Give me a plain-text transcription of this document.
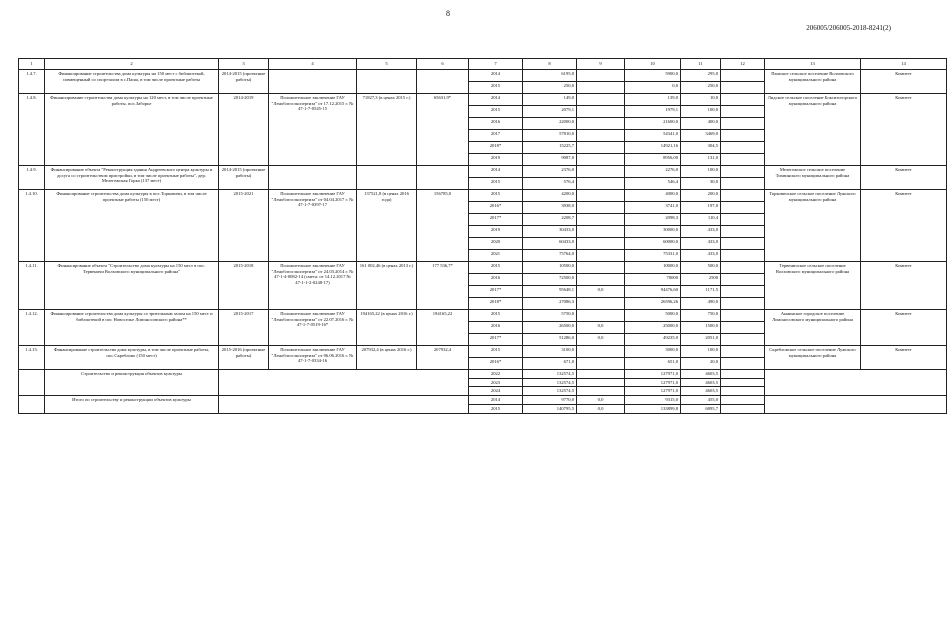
8
206005/206005-2018-8241(2)
1	2	3	4	5	6	7	8	9	10	11	12	13	14
1.4.7.	Финансирование строительства дома культуры на 150 мест с библиотекой, совмещенный со спортзалом в с.Паша, в том числе проектные работы	2014-2015 (проектные работы)				2014	6195,0		5900,0	295,0		Пашское сельское поселение Волховского муниципального района	Комитет
						2015	250,0		0,0	250,0			
1.4.8.	Финансирование строительства дома культуры на 120 мест, в том числе проектные работы, пос.Заборье	2014-2019	Положительное заключение ГАУ "Леноблгосэкспертиза" от 17.12.2015 г. № 47-1-7-0545-15	71827,3 (в ценах 2015 г.)	65631,9*	2014	149,0		139,0	10,0		Лидское сельское поселение Бокситогорского муниципального района	Комитет
						2015	2079,1		1979,1	100,0			
						2016	22000,0		21600,0	400,0			
						2017	57810,0		54341,0	3469,0			
						2018*	15225,7		14921,16	304,5			
						2019	9087,0		8956,00	131,0			
1.4.9.	Финансирование объекта "Реконструкция здания Андреевского центра культуры и досуга со строительством пристройки, в том числе проектные работы", дер. Мелегежская Горка (137 мест)	2014-2015 (проектные работы)				2014	2376,0		2276,0	100,0		Мелегежское сельское поселение Тихвинского муниципального района	Комитет
						2015	576,4		546,4	30,0			
1.4.10.	Финансирование строительства дома культуры в пос.Торковичи, в том числе проектные работы (150 мест)	2015-2021	Положительное заключение ГАУ "Леноблгосэкспертиза" от 04.04.2017 г. № 47-1-7-0397-17	137521,8 (в ценах 2016 года)	156785,0	2015	4200,0		4000,0	200,0		Торковичское сельское поселение Лужского муниципального района	Комитет
						2016*	3938,0		3741,0	197,0			
						2017*	2208,7		2098,3	110,4			
						2019	30433,0		30000,0	433,0			
						2020	60433,0		60000,0	433,0			
						2021	75764,0		75331,0	433,0			
1.4.11.	Финансирование объекта "Строительство дома культуры на 150 мест в пос. Тервеничи Волховского муниципального района"	2015-2018	Положительное заключение ГАУ "Леноблгосэкспертиза" от 24.03.2014 г. № 47-1-4-0082-14 (смета: от 14.12.2017 № 47-1-1-2-0248-17)	161 002,46 (в ценах 2013 г.)	177 536,7*	2015	10500,0		10000,0	500,0		Тервеничское сельское поселение Волховского муниципального района	Комитет
						2016	72500,0		70000	2500			
						2017*	95648,1	0,0	94476,60	1171,5			
						2018*	27086,3		26596,26	490,0			
1.4.12.	Финансирование строительства дома культуры со зрительным залом на 150 мест и библиотекой в пос Новоселье Ломоносовского района**	2015-2017	Положительное заключение ГАУ "Леноблгосэкспертиза" от 22.07.2016 г. № 47-1-7-0519-16*	194165,22 (в ценах 2016 г.)	194165,22	2015	5750,0		5000,0	750,0		Аннинское городское поселение Ломоносовского муниципального района	Комитет
						2016	26500,0	0,0	25000,0	1500,0			
						2017*	51286,0	0,0	49235,0	2051,0			
1.4.13.	Финансирование строительства дома культуры, в том числе проектные работы, пос.Скребловo (150 мест)	2015-2016 (проектные работы)	Положительное заключение ГАУ "Леноблгосэкспертиза" от 06.06.2016 г. № 47-1-7-0334-16	207932,4 (в ценах 2016 г.)	207932,4	2015	3100,0		3000,0	100,0		Скребловское сельское поселение Лужского муниципального района	Комитет
						2016*	671,0		651,0	20,0			
	Строительство и реконструкция объектов культуры					2022	132574,5		127971,0	4603,5			
						2023	132574,5		127971,0	4603,5			
						2024	132574,5		127971,0	4603,5			
	Итого по строительству и реконструкции объектов культуры					2014	9770,0	0,0	9315,0	455,0			
						2015	140795,5	0,0	133899,8	6895,7			
